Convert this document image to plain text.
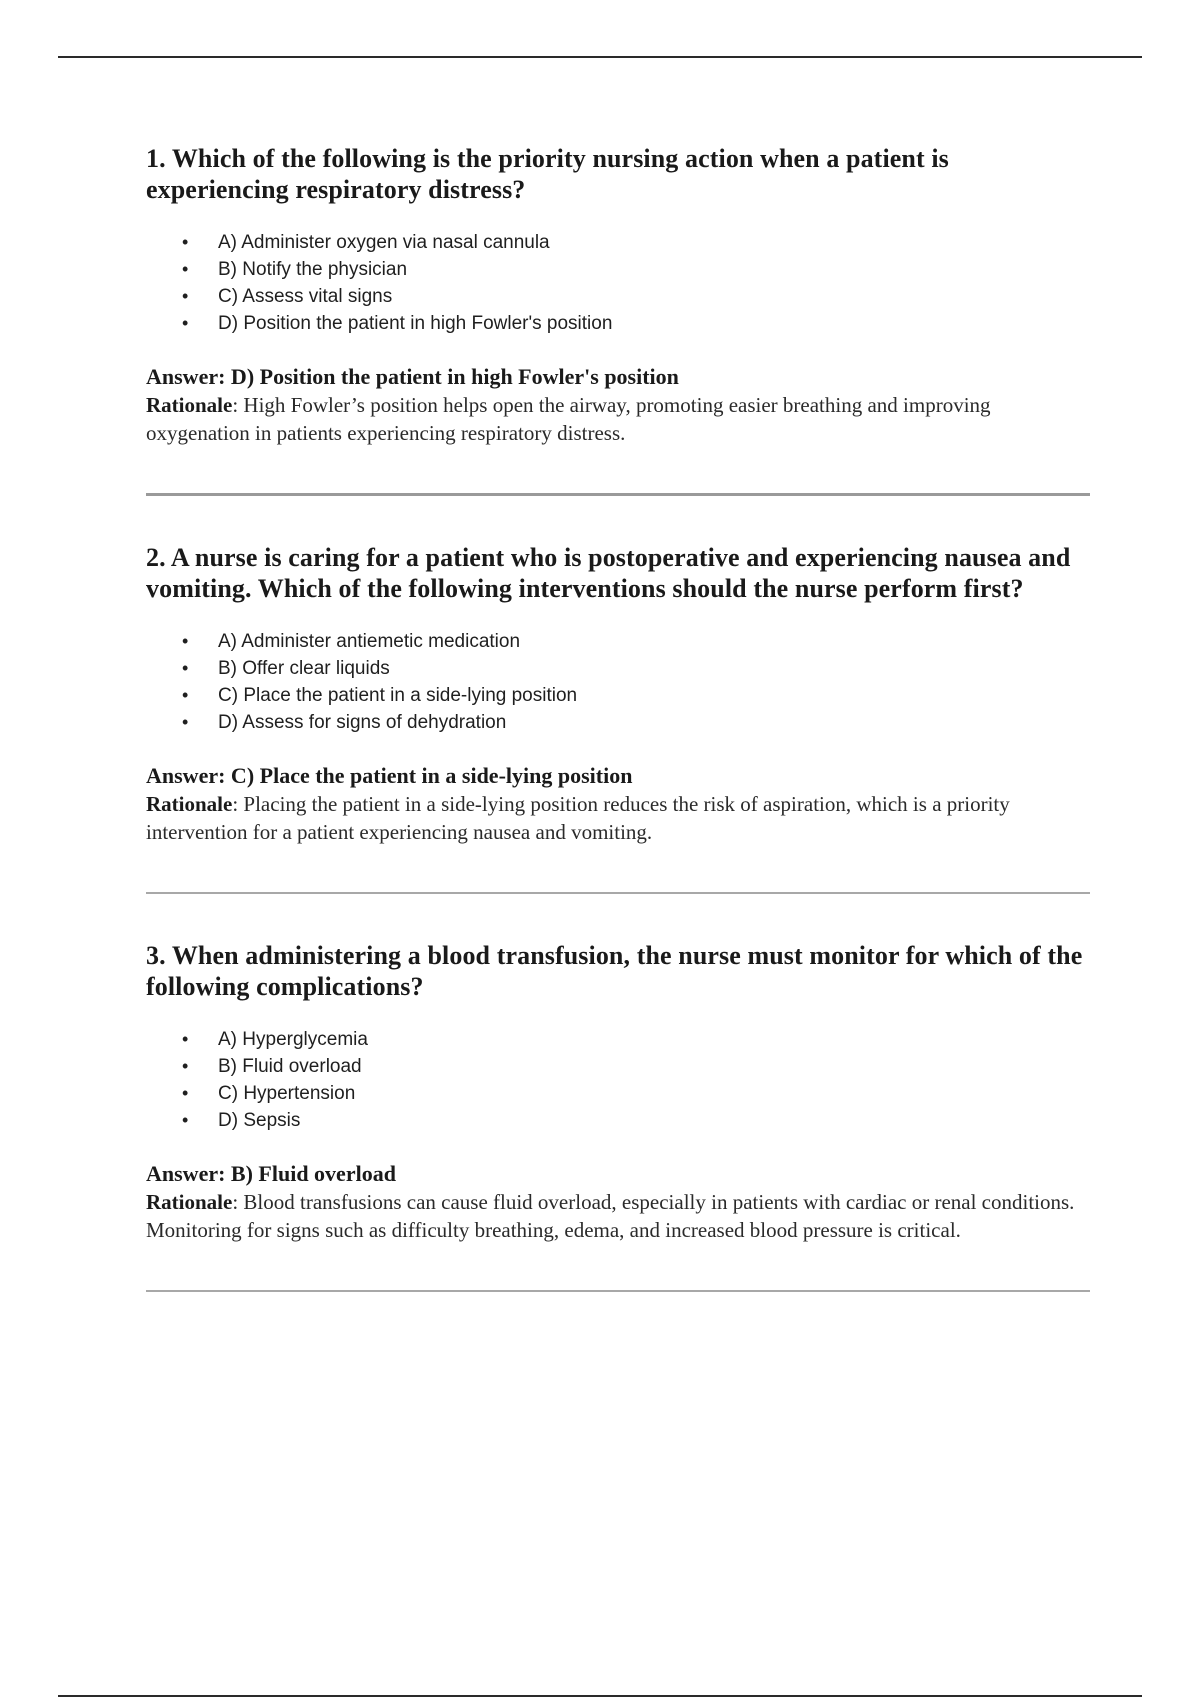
1. Which of the following is the priority nursing action when a patient is experiencing respiratory distress?
• A) Administer oxygen via nasal cannula
• B) Notify the physician
• C) Assess vital signs
• D) Position the patient in high Fowler's position

Answer: D) Position the patient in high Fowler's position

Rationale: High Fowler’s position helps open the airway, promoting easier breathing and improving oxygenation in patients experiencing respiratory distress.

2. A nurse is caring for a patient who is postoperative and experiencing nausea and vomiting. Which of the following interventions should the nurse perform first?
• A) Administer antiemetic medication
• B) Offer clear liquids
• C) Place the patient in a side-lying position
• D) Assess for signs of dehydration

Answer: C) Place the patient in a side-lying position

Rationale: Placing the patient in a side-lying position reduces the risk of aspiration, which is a priority intervention for a patient experiencing nausea and vomiting.

3. When administering a blood transfusion, the nurse must monitor for which of the following complications?
• A) Hyperglycemia
• B) Fluid overload
• C) Hypertension
• D) Sepsis

Answer: B) Fluid overload

Rationale: Blood transfusions can cause fluid overload, especially in patients with cardiac or renal conditions. Monitoring for signs such as difficulty breathing, edema, and increased blood pressure is critical.
